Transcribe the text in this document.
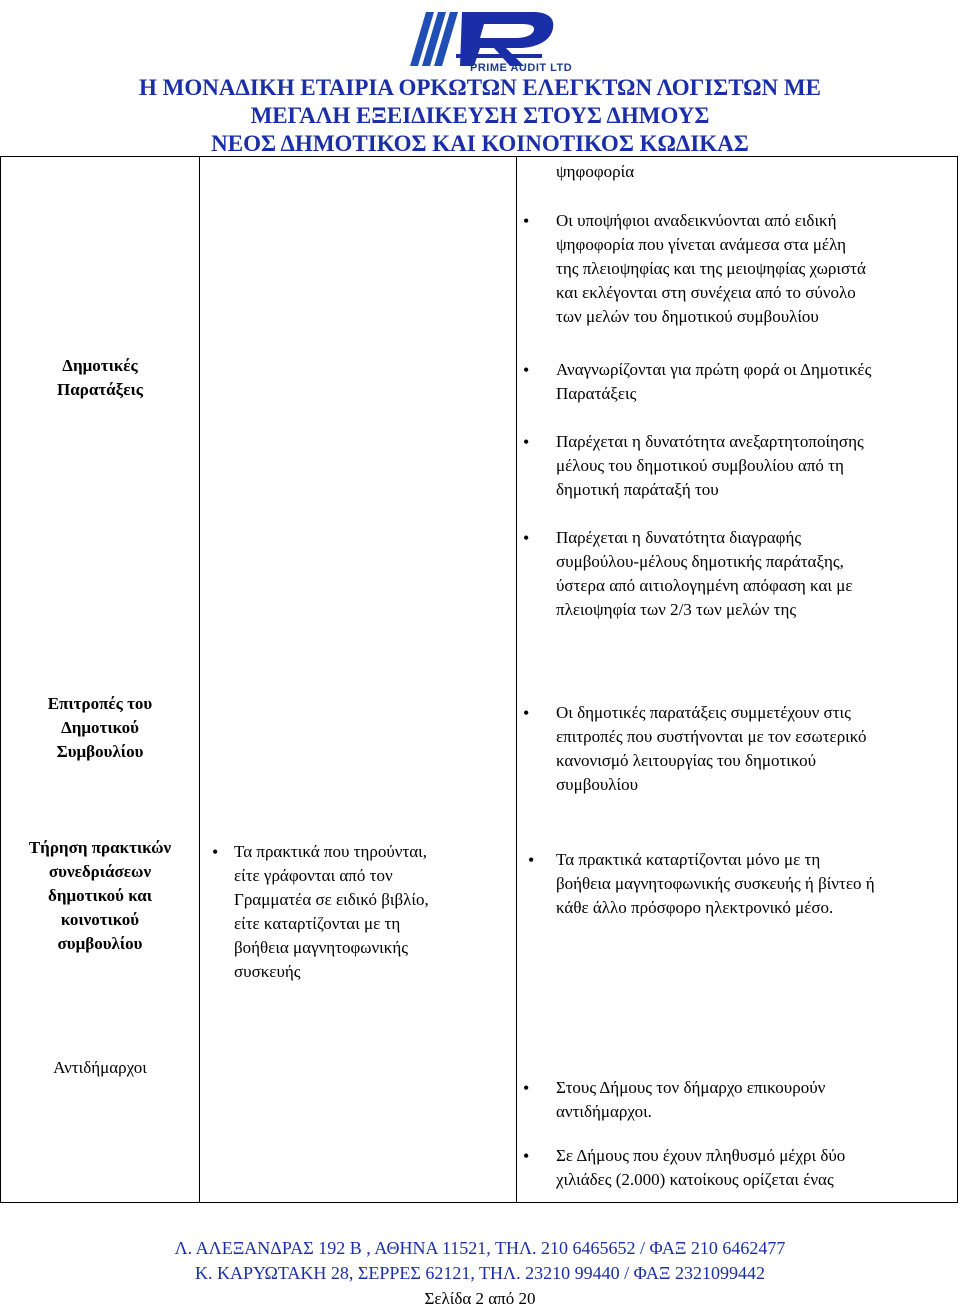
PRIME AUDIT LTD
Η ΜΟΝΑΔΙΚΗ ΕΤΑΙΡΙΑ ΟΡΚΩΤΩΝ ΕΛΕΓΚΤΩΝ ΛΟΓΙΣΤΩΝ ΜΕ
ΜΕΓΑΛΗ ΕΞΕΙΔΙΚΕΥΣΗ ΣΤΟΥΣ ΔΗΜΟΥΣ
ΝΕΟΣ ΔΗΜΟΤΙΚΟΣ ΚΑΙ ΚΟΙΝΟΤΙΚΟΣ ΚΩΔΙΚΑΣ
ψηφοφορία
• Οι υποψήφιοι αναδεικνύονται από ειδική
ψηφοφορία που γίνεται ανάμεσα στα μέλη
της πλειοψηφίας και της μειοψηφίας χωριστά
και εκλέγονται στη συνέχεια από το σύνολο
των μελών του δημοτικού συμβουλίου
Δημοτικές
Παρατάξεις
• Αναγνωρίζονται για πρώτη φορά οι Δημοτικές
Παρατάξεις
• Παρέχεται η δυνατότητα ανεξαρτητοποίησης
μέλους του δημοτικού συμβουλίου από τη
δημοτική παράταξή του
• Παρέχεται η δυνατότητα διαγραφής
συμβούλου-μέλους δημοτικής παράταξης,
ύστερα από αιτιολογημένη απόφαση και με
πλειοψηφία των 2/3 των μελών της
Επιτροπές του
Δημοτικού
Συμβουλίου
• Οι δημοτικές παρατάξεις συμμετέχουν στις
επιτροπές που συστήνονται με τον εσωτερικό
κανονισμό λειτουργίας του δημοτικού
συμβουλίου
Τήρηση πρακτικών
συνεδριάσεων
δημοτικού και
κοινοτικού
συμβουλίου
• Τα πρακτικά που τηρούνται,
είτε γράφονται από τον
Γραμματέα σε ειδικό βιβλίο,
είτε καταρτίζονται με τη
βοήθεια μαγνητοφωνικής
συσκευής
• Τα πρακτικά καταρτίζονται μόνο με τη
βοήθεια μαγνητοφωνικής συσκευής ή βίντεο ή
κάθε άλλο πρόσφορο ηλεκτρονικό μέσο.
Αντιδήμαρχοι
• Στους Δήμους τον δήμαρχο επικουρούν
αντιδήμαρχοι.
• Σε Δήμους που έχουν πληθυσμό μέχρι δύο
χιλιάδες (2.000) κατοίκους ορίζεται ένας
Λ. ΑΛΕΞΑΝΔΡΑΣ 192 Β , ΑΘΗΝΑ 11521, ΤΗΛ. 210 6465652 / ΦΑΞ 210 6462477
Κ. ΚΑΡΥΩΤΑΚΗ 28, ΣΕΡΡΕΣ 62121, ΤΗΛ. 23210 99440 / ΦΑΞ 2321099442
Σελίδα 2 από 20
